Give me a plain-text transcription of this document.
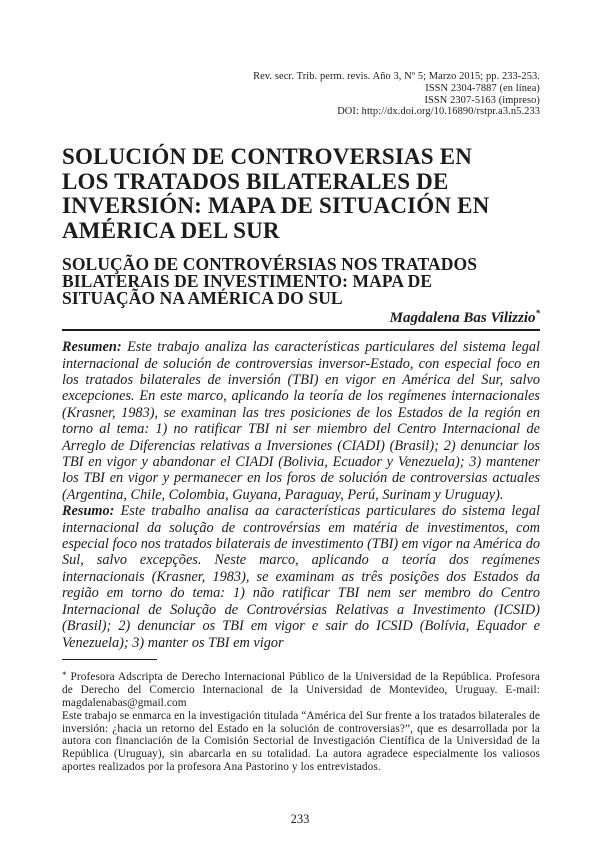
Rev. secr. Trib. perm. revis. Año 3, Nº 5; Marzo 2015; pp. 233-253.
ISSN 2304-7887 (en línea)
ISSN 2307-5163 (impreso)
DOI: http://dx.doi.org/10.16890/rstpr.a3.n5.233
SOLUCIÓN DE CONTROVERSIAS EN
LOS TRATADOS BILATERALES DE
INVERSIÓN: MAPA DE SITUACIÓN EN
AMÉRICA DEL SUR
SOLUÇÃO DE CONTROVÉRSIAS NOS TRATADOS
BILATERAIS DE INVESTIMENTO: MAPA DE
SITUAÇÃO NA AMÉRICA DO SUL
Magdalena Bas Vilizzio*

Resumen: Este trabajo analiza las características particulares del sistema legal internacional de solución de controversias inversor-Estado, con especial foco en los tratados bilaterales de inversión (TBI) en vigor en América del Sur, salvo excepciones. En este marco, aplicando la teoría de los regímenes internacionales (Krasner, 1983), se examinan las tres posiciones de los Estados de la región en torno al tema: 1) no ratificar TBI ni ser miembro del Centro Internacional de Arreglo de Diferencias relativas a Inversiones (CIADI) (Brasil); 2) denunciar los TBI en vigor y abandonar el CIADI (Bolivia, Ecuador y Venezuela); 3) mantener los TBI en vigor y permanecer en los foros de solución de controversias actuales (Argentina, Chile, Colombia, Guyana, Paraguay, Perú, Surinam y Uruguay).

Resumo: Este trabalho analisa aa características particulares do sistema legal internacional da solução de controvérsias em matéria de investimentos, com especial foco nos tratados bilaterais de investimento (TBI) em vigor na América do Sul, salvo excepções. Neste marco, aplicando a teoría dos regímenes internacionais (Krasner, 1983), se examinam as três posições dos Estados da região em torno do tema: 1) não ratificar TBI nem ser membro do Centro Internacional de Solução de Controvérsias Relativas a Investimento (ICSID) (Brasil); 2) denunciar os TBI em vigor e sair do ICSID (Bolívia, Equador e Venezuela); 3) manter os TBI em vigor

* Profesora Adscripta de Derecho Internacional Público de la Universidad de la República. Profesora de Derecho del Comercio Internacional de la Universidad de Montevideo, Uruguay. E-mail: magdalenabas@gmail.com

Este trabajo se enmarca en la investigación titulada “América del Sur frente a los tratados bilaterales de inversión: ¿hacia un retorno del Estado en la solución de controversias?”, que es desarrollada por la autora con financiación de la Comisión Sectorial de Investigación Científica de la Universidad de la República (Uruguay), sin abarcarla en su totalidad. La autora agradece especialmente los valiosos aportes realizados por la profesora Ana Pastorino y los entrevistados.

233
